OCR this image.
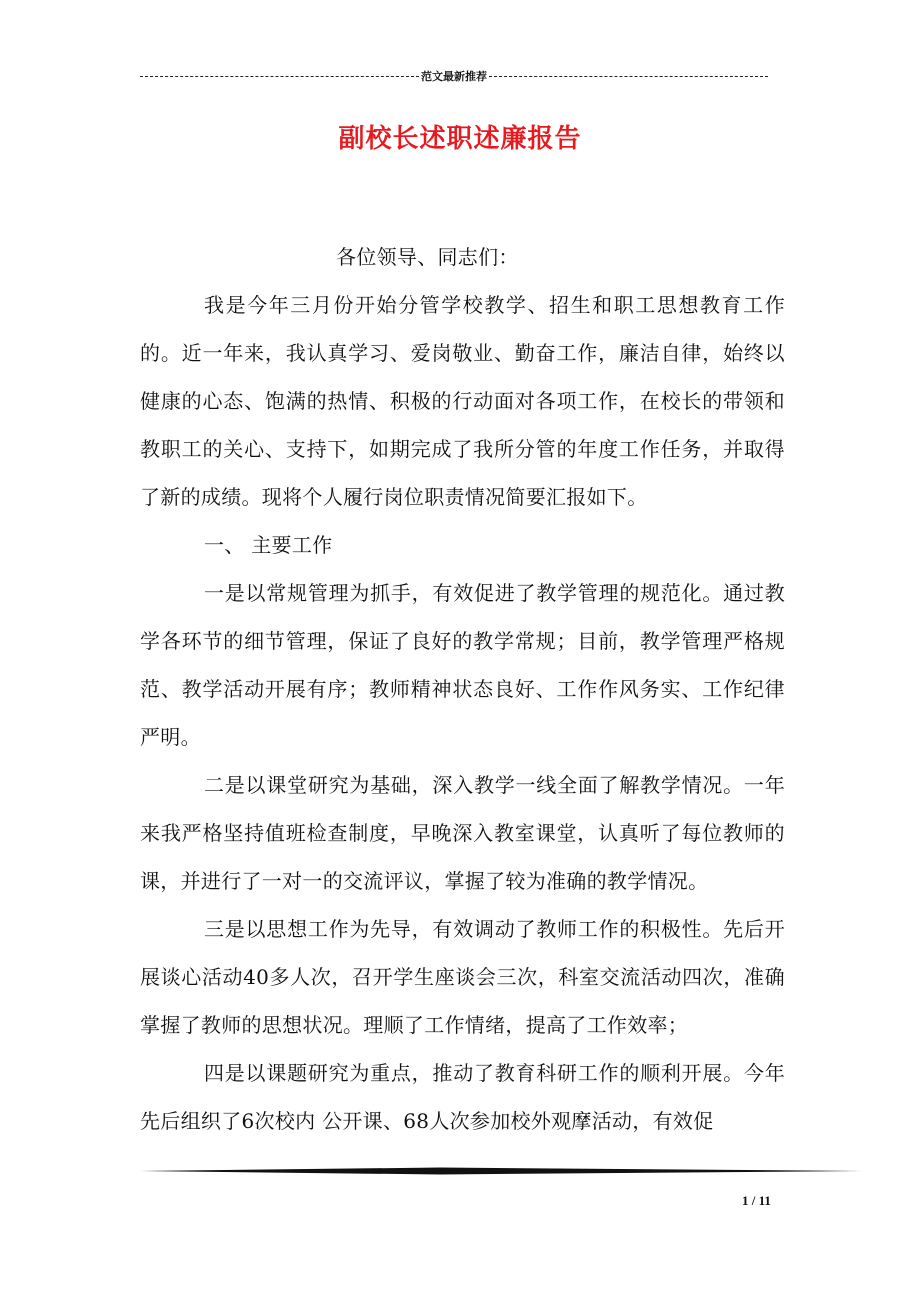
范文最新推荐
副校长述职述廉报告

各位领导、同志们：

我是今年三月份开始分管学校教学、招生和职工思想教育工作的。近一年来，我认真学习、爱岗敬业、勤奋工作，廉洁自律，始终以健康的心态、饱满的热情、积极的行动面对各项工作，在校长的带领和教职工的关心、支持下，如期完成了我所分管的年度工作任务，并取得了新的成绩。现将个人履行岗位职责情况简要汇报如下。

一、 主要工作

一是以常规管理为抓手，有效促进了教学管理的规范化。通过教学各环节的细节管理，保证了良好的教学常规；目前，教学管理严格规范、教学活动开展有序；教师精神状态良好、工作作风务实、工作纪律严明。

二是以课堂研究为基础，深入教学一线全面了解教学情况。一年来我严格坚持值班检查制度，早晚深入教室课堂，认真听了每位教师的课，并进行了一对一的交流评议，掌握了较为准确的教学情况。

三是以思想工作为先导，有效调动了教师工作的积极性。先后开展谈心活动40多人次，召开学生座谈会三次，科室交流活动四次，准确掌握了教师的思想状况。理顺了工作情绪，提高了工作效率；

四是以课题研究为重点，推动了教育科研工作的顺利开展。今年先后组织了6次校内 公开课、68人次参加校外观摩活动，有效促

1 / 11
